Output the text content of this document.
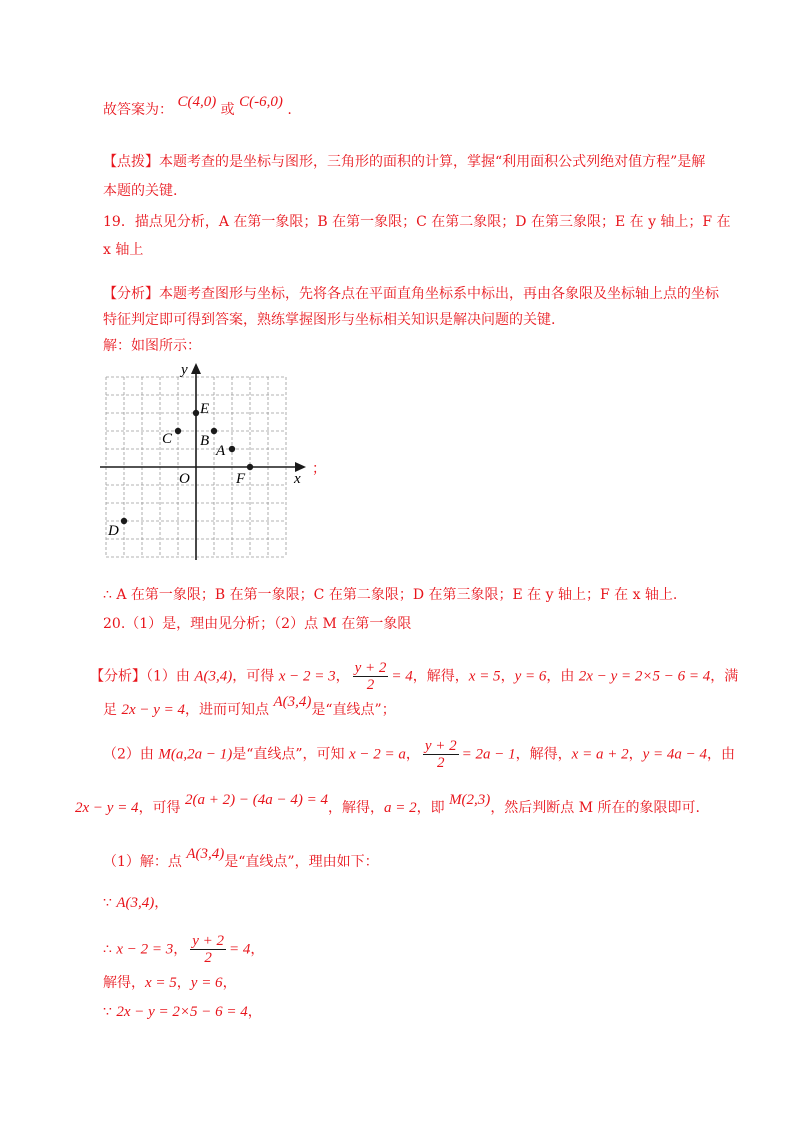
故答案为： C(4,0) 或 C(-6,0) .
【点拨】本题考查的是坐标与图形，三角形的面积的计算，掌握“利用面积公式列绝对值方程”是解
本题的关键.
19．描点见分析，A 在第一象限；B 在第一象限；C 在第二象限；D 在第三象限；E 在 y 轴上；F 在
x 轴上
【分析】本题考查图形与坐标，先将各点在平面直角坐标系中标出，再由各象限及坐标轴上点的坐标
特征判定即可得到答案，熟练掌握图形与坐标相关知识是解决问题的关键.
解：如图所示：
x
y
O
A
B
C
D
E
F
；
∴ A 在第一象限；B 在第一象限；C 在第二象限；D 在第三象限；E 在 y 轴上；F 在 x 轴上.
20.（1）是，理由见分析；（2）点 M 在第一象限
【分析】（1）由 A(3,4)，可得 x − 2 = 3， $\frac{y + 2}{2} = 4$，解得，x = 5，y = 6，由 2x − y = 2×5 − 6 = 4，满
足 2x − y = 4，进而可知点 A(3,4)是“直线点”；
（2）由 M(a,2a − 1)是“直线点”，可知 x − 2 = a， $\frac{y + 2}{2} = 2a - 1$，解得，x = a + 2，y = 4a − 4，由
2x − y = 4，可得 2(a + 2) − (4a − 4) = 4，解得，a = 2，即 M(2,3)，然后判断点 M 所在的象限即可.
（1）解：点 A(3,4)是“直线点”，理由如下：
∵ A(3,4)，
∴ x − 2 = 3， $\frac{y + 2}{2} = 4$，
解得，x = 5，y = 6，
∵ 2x − y = 2×5 − 6 = 4，
